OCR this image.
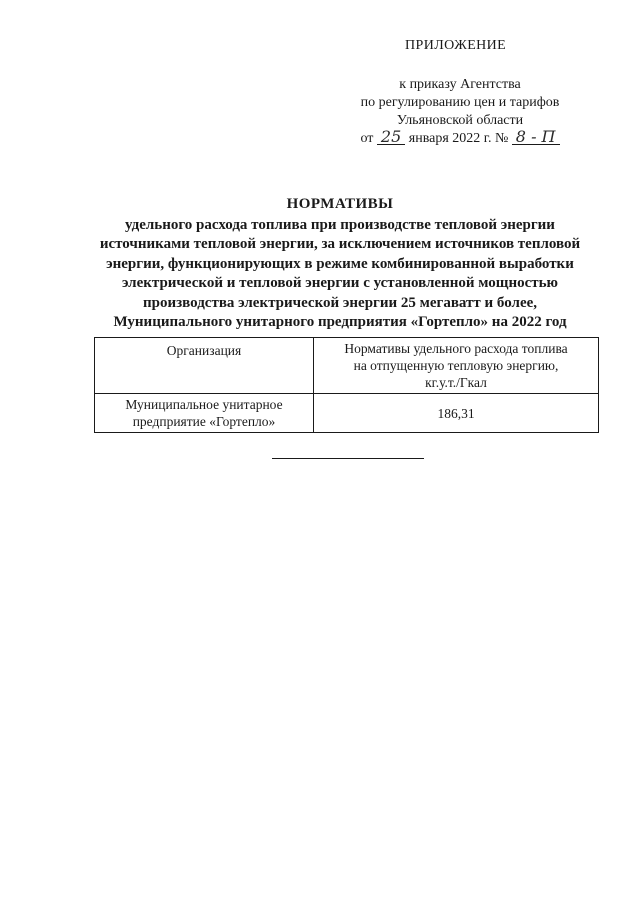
ПРИЛОЖЕНИЕ
к приказу Агентства
по регулированию цен и тарифов
Ульяновской области
от 25 января 2022 г. № 8 - П
НОРМАТИВЫ
удельного расхода топлива при производстве тепловой энергии
источниками тепловой энергии, за исключением источников тепловой
энергии, функционирующих в режиме комбинированной выработки
электрической и тепловой энергии с установленной мощностью
производства электрической энергии 25 мегаватт и более,
Муниципального унитарного предприятия «Гортепло» на 2022 год
Организация	Нормативы удельного расхода топлива
на отпущенную тепловую энергию,
кг.у.т./Гкал

Муниципальное унитарное
предприятие «Гортепло»	186,31
